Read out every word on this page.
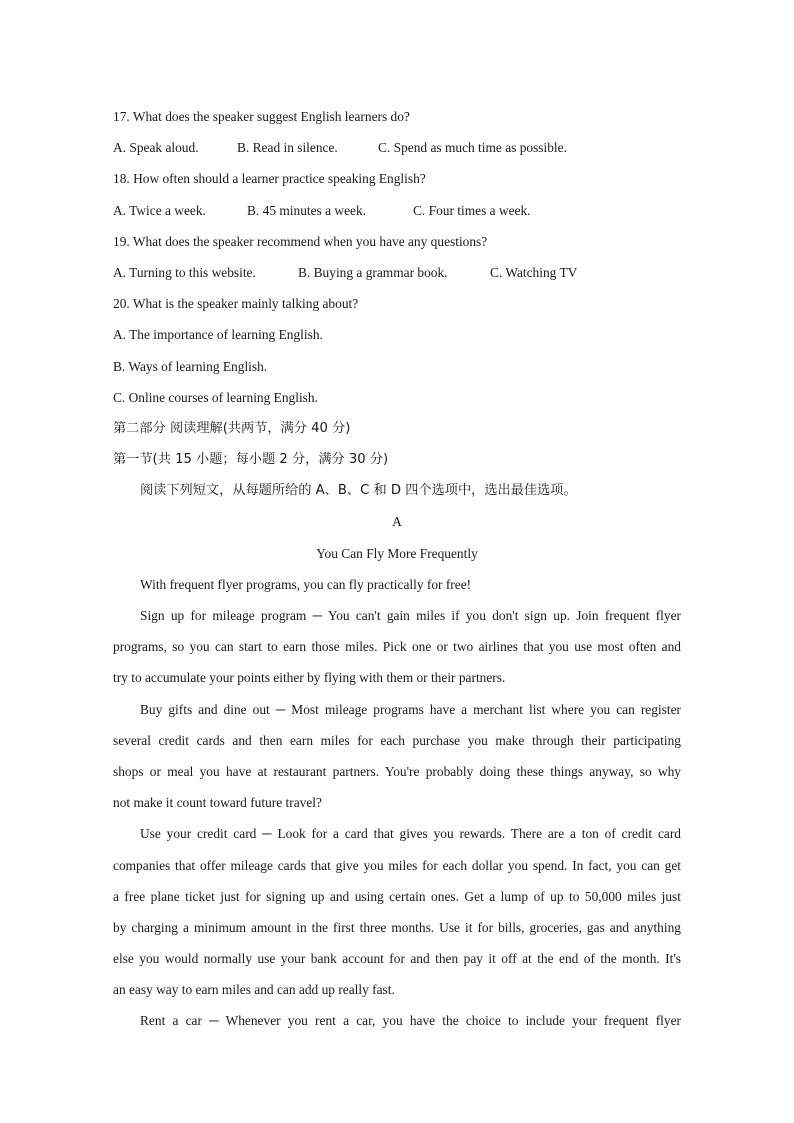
17. What does the speaker suggest English learners do?
A. Speak aloud.	B. Read in silence.	C. Spend as much time as possible.
18. How often should a learner practice speaking English?
A. Twice a week.	B. 45 minutes a week.	C. Four times a week.
19. What does the speaker recommend when you have any questions?
A. Turning to this website.	B. Buying a grammar book.	C. Watching TV
20. What is the speaker mainly talking about?
A. The importance of learning English.
B. Ways of learning English.
C. Online courses of learning English.
第二部分 阅读理解(共两节，满分 40 分)
第一节(共 15 小题；每小题 2 分，满分 30 分)
阅读下列短文，从每题所给的 A、B、C 和 D 四个选项中，选出最佳选项。
A
You Can Fly More Frequently
With frequent flyer programs, you can fly practically for free!
Sign up for mileage program ─ You can't gain miles if you don't sign up. Join frequent flyer
programs, so you can start to earn those miles. Pick one or two airlines that you use most often and
try to accumulate your points either by flying with them or their partners.
Buy gifts and dine out ─ Most mileage programs have a merchant list where you can register
several credit cards and then earn miles for each purchase you make through their participating
shops or meal you have at restaurant partners. You're probably doing these things anyway, so why
not make it count toward future travel?
Use your credit card ─ Look for a card that gives you rewards. There are a ton of credit card
companies that offer mileage cards that give you miles for each dollar you spend. In fact, you can get
a free plane ticket just for signing up and using certain ones. Get a lump of up to 50,000 miles just
by charging a minimum amount in the first three months. Use it for bills, groceries, gas and anything
else you would normally use your bank account for and then pay it off at the end of the month. It's
an easy way to earn miles and can add up really fast.
Rent a car ─ Whenever you rent a car, you have the choice to include your frequent flyer
